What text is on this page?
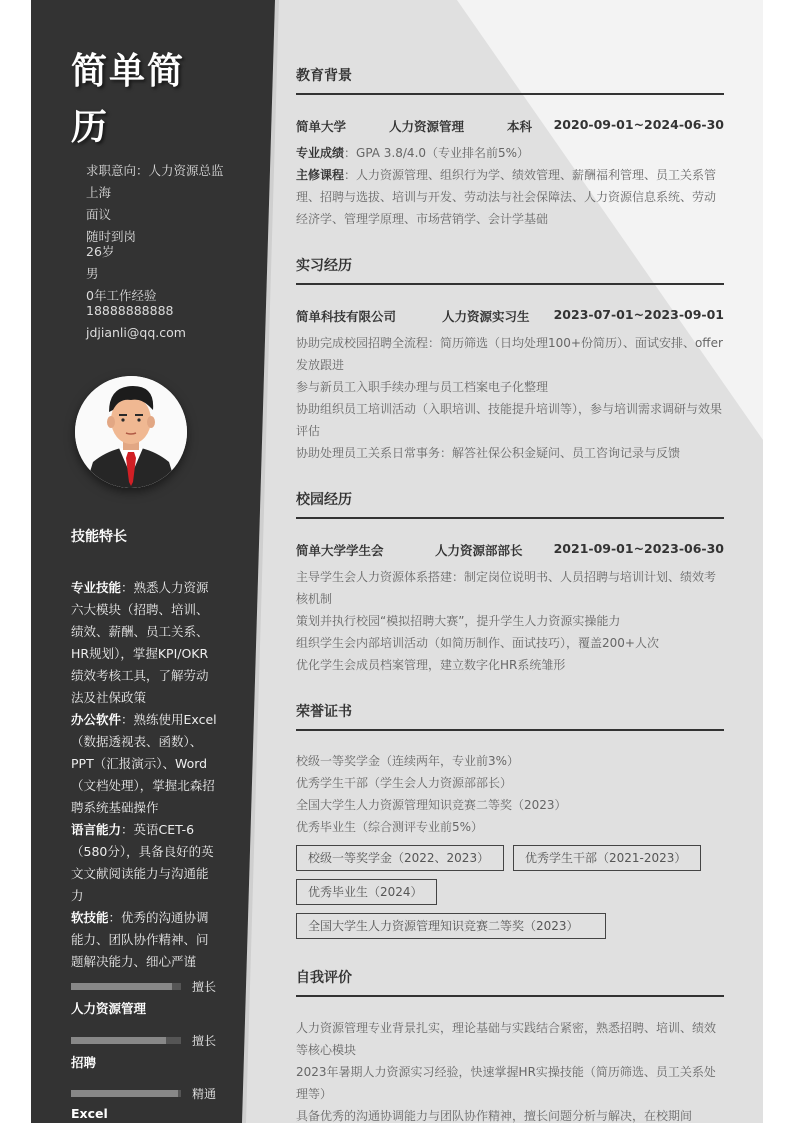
简单简
历
求职意向：人力资源总监
上海
面议
随时到岗
26岁
男
0年工作经验
18888888888
jdjianli@qq.com
技能特长
专业技能：熟悉人力资源六大模块（招聘、培训、绩效、薪酬、员工关系、HR规划），掌握KPI/OKR绩效考核工具，了解劳动法及社保政策
办公软件：熟练使用Excel（数据透视表、函数）、PPT（汇报演示）、Word（文档处理），掌握北森招聘系统基础操作
语言能力：英语CET-6（580分），具备良好的英文文献阅读能力与沟通能力
软技能：优秀的沟通协调能力、团队协作精神、问题解决能力、细心严谨
擅长
人力资源管理
擅长
招聘
精通
Excel
教育背景
简单大学	人力资源管理	本科 2020-09-01~2024-06-30
专业成绩：GPA 3.8/4.0（专业排名前5%）
主修课程：人力资源管理、组织行为学、绩效管理、薪酬福利管理、员工关系管理、招聘与选拔、培训与开发、劳动法与社会保障法、人力资源信息系统、劳动经济学、管理学原理、市场营销学、会计学基础
实习经历
简单科技有限公司	人力资源实习生 2023-07-01~2023-09-01
协助完成校园招聘全流程：简历筛选（日均处理100+份简历）、面试安排、offer发放跟进
参与新员工入职手续办理与员工档案电子化整理
协助组织员工培训活动（入职培训、技能提升培训等），参与培训需求调研与效果评估
协助处理员工关系日常事务：解答社保公积金疑问、员工咨询记录与反馈
校园经历
简单大学学生会	人力资源部部长 2021-09-01~2023-06-30
主导学生会人力资源体系搭建：制定岗位说明书、人员招聘与培训计划、绩效考核机制
策划并执行校园“模拟招聘大赛”，提升学生人力资源实操能力
组织学生会内部培训活动（如简历制作、面试技巧），覆盖200+人次
优化学生会成员档案管理，建立数字化HR系统雏形
荣誉证书
校级一等奖学金（连续两年，专业前3%）
优秀学生干部（学生会人力资源部部长）
全国大学生人力资源管理知识竞赛二等奖（2023）
优秀毕业生（综合测评专业前5%）
校级一等奖学金（2022、2023）	优秀学生干部（2021-2023）
优秀毕业生（2024）
全国大学生人力资源管理知识竞赛二等奖（2023）
自我评价
人力资源管理专业背景扎实，理论基础与实践结合紧密，熟悉招聘、培训、绩效等核心模块
2023年暑期人力资源实习经验，快速掌握HR实操技能（简历筛选、员工关系处理等）
具备优秀的沟通协调能力与团队协作精神，擅长问题分析与解决，在校期间
